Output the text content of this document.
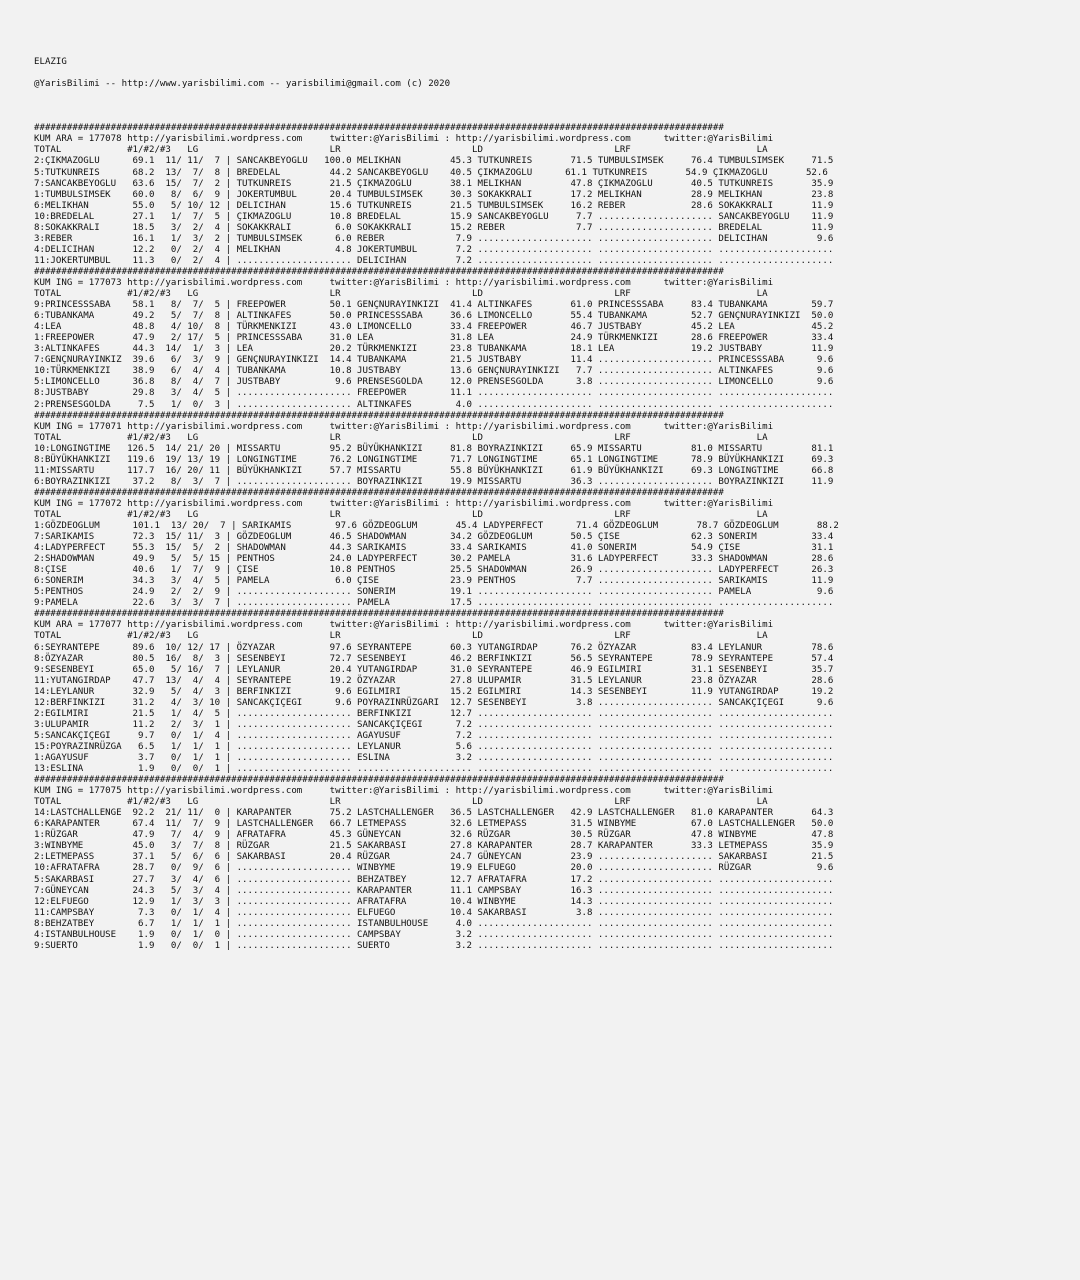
ELAZIG

@YarisBilimi -- http://www.yarisbilimi.com -- yarisbilimi@gmail.com (c) 2020

##############################################################################################################################
KUM ARA = 177078 http://yarisbilimi.wordpress.com     twitter:@YarisBilimi : http://yarisbilimi.wordpress.com      twitter:@YarisBilimi
TOTAL            #1/#2/#3   LG                        LR                        LD                        LRF                       LA
2:ÇIKMAZOGLU      69.1  11/ 11/  7 | SANCAKBEYOGLU   100.0 MELIKHAN         45.3 TUTKUNREIS       71.5 TUMBULSIMSEK     76.4 TUMBULSIMSEK     71.5
5:TUTKUNREIS      68.2  13/  7/  8 | BREDELAL         44.2 SANCAKBEYOGLU    40.5 ÇIKMAZOGLU      61.1 TUTKUNREIS       54.9 ÇIKMAZOGLU       52.6
7:SANCAKBEYOGLU   63.6  15/  7/  2 | TUTKUNREIS       21.5 ÇIKMAZOGLU       38.1 MELIKHAN         47.8 ÇIKMAZOGLU       40.5 TUTKUNREIS       35.9
1:TUMBULSIMSEK    60.0   8/  6/  9 | JOKERTUMBUL      20.4 TUMBULSIMSEK     30.3 SOKAKKRALI       17.2 MELIKHAN         28.9 MELIKHAN         23.8
6:MELIKHAN        55.0   5/ 10/ 12 | DELICIHAN        15.6 TUTKUNREIS       21.5 TUMBULSIMSEK     16.2 REBER            28.6 SOKAKKRALI       11.9
10:BREDELAL       27.1   1/  7/  5 | ÇIKMAZOGLU       10.8 BREDELAL         15.9 SANCAKBEYOGLU     7.7 ..................... SANCAKBEYOGLU    11.9
8:SOKAKKRALI      18.5   3/  2/  4 | SOKAKKRALI        6.0 SOKAKKRALI       15.2 REBER             7.7 ..................... BREDELAL         11.9
3:REBER           16.1   1/  3/  2 | TUMBULSIMSEK      6.0 REBER             7.9 ..................... ..................... DELICIHAN         9.6
4:DELICIHAN       12.2   0/  2/  4 | MELIKHAN          4.8 JOKERTUMBUL       7.2 ..................... ..................... .....................
11:JOKERTUMBUL    11.3   0/  2/  4 | ..................... DELICIHAN         7.2 ..................... ..................... .....................
##############################################################################################################################
KUM ING = 177073 http://yarisbilimi.wordpress.com     twitter:@YarisBilimi : http://yarisbilimi.wordpress.com      twitter:@YarisBilimi
TOTAL            #1/#2/#3   LG                        LR                        LD                        LRF                       LA
9:PRINCESSSABA    58.1   8/  7/  5 | FREEPOWER        50.1 GENÇNURAYINKIZI  41.4 ALTINKAFES       61.0 PRINCESSSABA     83.4 TUBANKAMA        59.7
6:TUBANKAMA       49.2   5/  7/  8 | ALTINKAFES       50.0 PRINCESSSABA     36.6 LIMONCELLO       55.4 TUBANKAMA        52.7 GENÇNURAYINKIZI  50.0
4:LEA             48.8   4/ 10/  8 | TÜRKMENKIZI      43.0 LIMONCELLO       33.4 FREEPOWER        46.7 JUSTBABY         45.2 LEA              45.2
1:FREEPOWER       47.9   2/ 17/  5 | PRINCESSSABA     31.0 LEA              31.8 LEA              24.9 TÜRKMENKIZI      28.6 FREEPOWER        33.4
3:ALTINKAFES      44.3  14/  1/  3 | LEA              20.2 TÜRKMENKIZI      23.8 TUBANKAMA        18.1 LEA              19.2 JUSTBABY         11.9
7:GENÇNURAYINKIZ  39.6   6/  3/  9 | GENÇNURAYINKIZI  14.4 TUBANKAMA        21.5 JUSTBABY         11.4 ..................... PRINCESSSABA      9.6
10:TÜRKMENKIZI    38.9   6/  4/  4 | TUBANKAMA        10.8 JUSTBABY         13.6 GENÇNURAYINKIZI   7.7 ..................... ALTINKAFES        9.6
5:LIMONCELLO      36.8   8/  4/  7 | JUSTBABY          9.6 PRENSESGOLDA     12.0 PRENSESGOLDA      3.8 ..................... LIMONCELLO        9.6
8:JUSTBABY        29.8   3/  4/  5 | ..................... FREEPOWER        11.1 ..................... ..................... .....................
2:PRENSESGOLDA     7.5   1/  0/  3 | ..................... ALTINKAFES        4.0 ..................... ..................... .....................
##############################################################################################################################
KUM ING = 177071 http://yarisbilimi.wordpress.com     twitter:@YarisBilimi : http://yarisbilimi.wordpress.com      twitter:@YarisBilimi
TOTAL            #1/#2/#3   LG                        LR                        LD                        LRF                       LA
10:LONGINGTIME   126.5  14/ 21/ 20 | MISSARTU         95.2 BÜYÜKHANKIZI     81.8 BOYRAZINKIZI     65.9 MISSARTU         81.0 MISSARTU         81.1
8:BÜYÜKHANKIZI   119.6  19/ 13/ 19 | LONGINGTIME      76.2 LONGINGTIME      71.7 LONGINGTIME      65.1 LONGINGTIME      78.9 BÜYÜKHANKIZI     69.3
11:MISSARTU      117.7  16/ 20/ 11 | BÜYÜKHANKIZI     57.7 MISSARTU         55.8 BÜYÜKHANKIZI     61.9 BÜYÜKHANKIZI     69.3 LONGINGTIME      66.8
6:BOYRAZINKIZI    37.2   8/  3/  7 | ..................... BOYRAZINKIZI     19.9 MISSARTU         36.3 ..................... BOYRAZINKIZI     11.9
##############################################################################################################################
KUM ING = 177072 http://yarisbilimi.wordpress.com     twitter:@YarisBilimi : http://yarisbilimi.wordpress.com      twitter:@YarisBilimi
TOTAL            #1/#2/#3   LG                        LR                        LD                        LRF                       LA
1:GÖZDEOGLUM      101.1  13/ 20/  7 | SARIKAMIS        97.6 GÖZDEOGLUM       45.4 LADYPERFECT      71.4 GÖZDEOGLUM       78.7 GÖZDEOGLUM       88.2
7:SARIKAMIS       72.3  15/ 11/  3 | GÖZDEOGLUM       46.5 SHADOWMAN        34.2 GÖZDEOGLUM       50.5 ÇISE             62.3 SONERIM          33.4
4:LADYPERFECT     55.3  15/  5/  2 | SHADOWMAN        44.3 SARIKAMIS        33.4 SARIKAMIS        41.0 SONERIM          54.9 ÇISE             31.1
2:SHADOWMAN       49.9   5/  5/ 15 | PENTHOS          24.0 LADYPERFECT      30.2 PAMELA           31.6 LADYPERFECT      33.3 SHADOWMAN        28.6
8:ÇISE            40.6   1/  7/  9 | ÇISE             10.8 PENTHOS          25.5 SHADOWMAN        26.9 ..................... LADYPERFECT      26.3
6:SONERIM         34.3   3/  4/  5 | PAMELA            6.0 ÇISE             23.9 PENTHOS           7.7 ..................... SARIKAMIS        11.9
5:PENTHOS         24.9   2/  2/  9 | ..................... SONERIM          19.1 ..................... ..................... PAMELA            9.6
9:PAMELA          22.6   3/  3/  7 | ..................... PAMELA           17.5 ..................... ..................... .....................
##############################################################################################################################
KUM ARA = 177077 http://yarisbilimi.wordpress.com     twitter:@YarisBilimi : http://yarisbilimi.wordpress.com      twitter:@YarisBilimi
TOTAL            #1/#2/#3   LG                        LR                        LD                        LRF                       LA
6:SEYRANTEPE      89.6  10/ 12/ 17 | ÖZYAZAR          97.6 SEYRANTEPE       60.3 YUTANGIRDAP      76.2 ÖZYAZAR          83.4 LEYLANUR         78.6
8:ÖZYAZAR         80.5  16/  8/  3 | SESENBEYI        72.7 SESENBEYI        46.2 BERFINKIZI       56.5 SEYRANTEPE       78.9 SEYRANTEPE       57.4
9:SESENBEYI       65.0   5/ 16/  7 | LEYLANUR         20.4 YUTANGIRDAP      31.0 SEYRANTEPE       46.9 EGILMIRI         31.1 SESENBEYI        35.7
11:YUTANGIRDAP    47.7  13/  4/  4 | SEYRANTEPE       19.2 ÖZYAZAR          27.8 ULUPAMIR         31.5 LEYLANUR         23.8 ÖZYAZAR          28.6
14:LEYLANUR       32.9   5/  4/  3 | BERFINKIZI        9.6 EGILMIRI         15.2 EGILMIRI         14.3 SESENBEYI        11.9 YUTANGIRDAP      19.2
12:BERFINKIZI     31.2   4/  3/ 10 | SANCAKÇIÇEGI      9.6 POYRAZINRÜZGARI  12.7 SESENBEYI         3.8 ..................... SANCAKÇIÇEGI      9.6
2:EGILMIRI        21.5   1/  4/  5 | ..................... BERFINKIZI       12.7 ..................... ..................... .....................
3:ULUPAMIR        11.2   2/  3/  1 | ..................... SANCAKÇIÇEGI      7.2 ..................... ..................... .....................
5:SANCAKÇIÇEGI     9.7   0/  1/  4 | ..................... AGAYUSUF          7.2 ..................... ..................... .....................
15:POYRAZINRÜZGA   6.5   1/  1/  1 | ..................... LEYLANUR          5.6 ..................... ..................... .....................
1:AGAYUSUF         3.7   0/  1/  1 | ..................... ESLINA            3.2 ..................... ..................... .....................
13:ESLINA          1.9   0/  0/  1 | ..................... ..................... ..................... ..................... .....................
##############################################################################################################################
KUM ING = 177075 http://yarisbilimi.wordpress.com     twitter:@YarisBilimi : http://yarisbilimi.wordpress.com      twitter:@YarisBilimi
TOTAL            #1/#2/#3   LG                        LR                        LD                        LRF                       LA
14:LASTCHALLENGE  92.2  21/ 11/  0 | KARAPANTER       75.2 LASTCHALLENGER   36.5 LASTCHALLENGER   42.9 LASTCHALLENGER   81.0 KARAPANTER       64.3
6:KARAPANTER      67.4  11/  7/  9 | LASTCHALLENGER   66.7 LETMEPASS        32.6 LETMEPASS        31.5 WINBYME          67.0 LASTCHALLENGER   50.0
1:RÜZGAR          47.9   7/  4/  9 | AFRATAFRA        45.3 GÜNEYCAN         32.6 RÜZGAR           30.5 RÜZGAR           47.8 WINBYME          47.8
3:WINBYME         45.0   3/  7/  8 | RÜZGAR           21.5 SAKARBASI        27.8 KARAPANTER       28.7 KARAPANTER       33.3 LETMEPASS        35.9
2:LETMEPASS       37.1   5/  6/  6 | SAKARBASI        20.4 RÜZGAR           24.7 GÜNEYCAN         23.9 ..................... SAKARBASI        21.5
10:AFRATAFRA      28.7   0/  9/  6 | ..................... WINBYME          19.9 ELFUEGO          20.0 ..................... RÜZGAR            9.6
5:SAKARBASI       27.7   3/  4/  6 | ..................... BEHZATBEY        12.7 AFRATAFRA        17.2 ..................... .....................
7:GÜNEYCAN        24.3   5/  3/  4 | ..................... KARAPANTER       11.1 CAMPSBAY         16.3 ..................... .....................
12:ELFUEGO        12.9   1/  3/  3 | ..................... AFRATAFRA        10.4 WINBYME          14.3 ..................... .....................
11:CAMPSBAY        7.3   0/  1/  4 | ..................... ELFUEGO          10.4 SAKARBASI         3.8 ..................... .....................
8:BEHZATBEY        6.7   1/  1/  1 | ..................... ISTANBULHOUSE     4.0 ..................... ..................... .....................
4:ISTANBULHOUSE    1.9   0/  1/  0 | ..................... CAMPSBAY          3.2 ..................... ..................... .....................
9:SUERTO           1.9   0/  0/  1 | ..................... SUERTO            3.2 ..................... ..................... .....................
